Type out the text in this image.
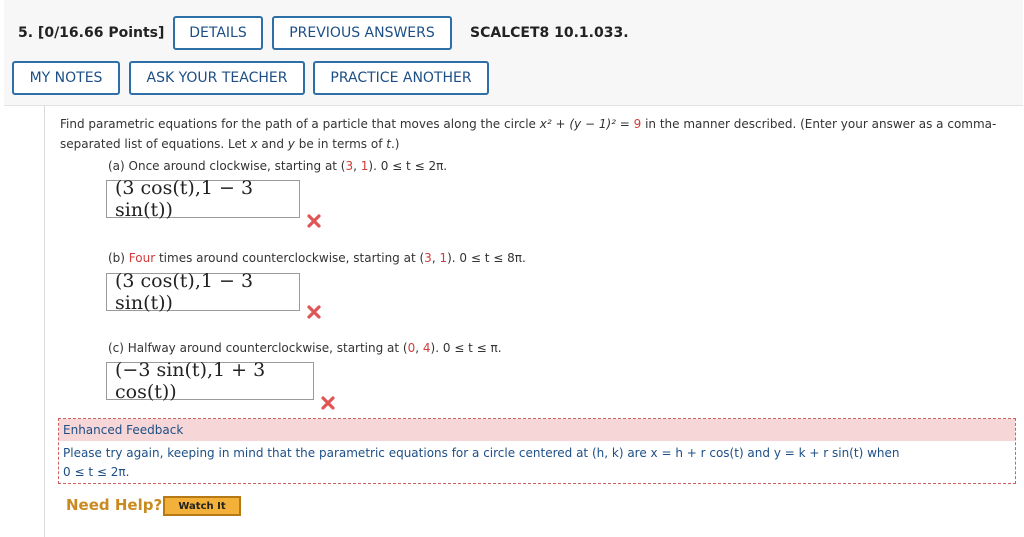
5. [0/16.66 Points]	DETAILS	PREVIOUS ANSWERS	SCALCET8 10.1.033.
MY NOTES	ASK YOUR TEACHER	PRACTICE ANOTHER
Find parametric equations for the path of a particle that moves along the circle x² + (y − 1)² = 9 in the manner described. (Enter your answer as a comma-separated list of equations. Let x and y be in terms of t.)
(a) Once around clockwise, starting at (3, 1). 0 ≤ t ≤ 2π.
(3 cos(t),1 − 3 sin(t))
(b) Four times around counterclockwise, starting at (3, 1). 0 ≤ t ≤ 8π.
(3 cos(t),1 − 3 sin(t))
(c) Halfway around counterclockwise, starting at (0, 4). 0 ≤ t ≤ π.
(−3 sin(t),1 + 3 cos(t))
Enhanced Feedback
Please try again, keeping in mind that the parametric equations for a circle centered at (h, k) are x = h + r cos(t) and y = k + r sin(t) when
0 ≤ t ≤ 2π.
Need Help?	Watch It
